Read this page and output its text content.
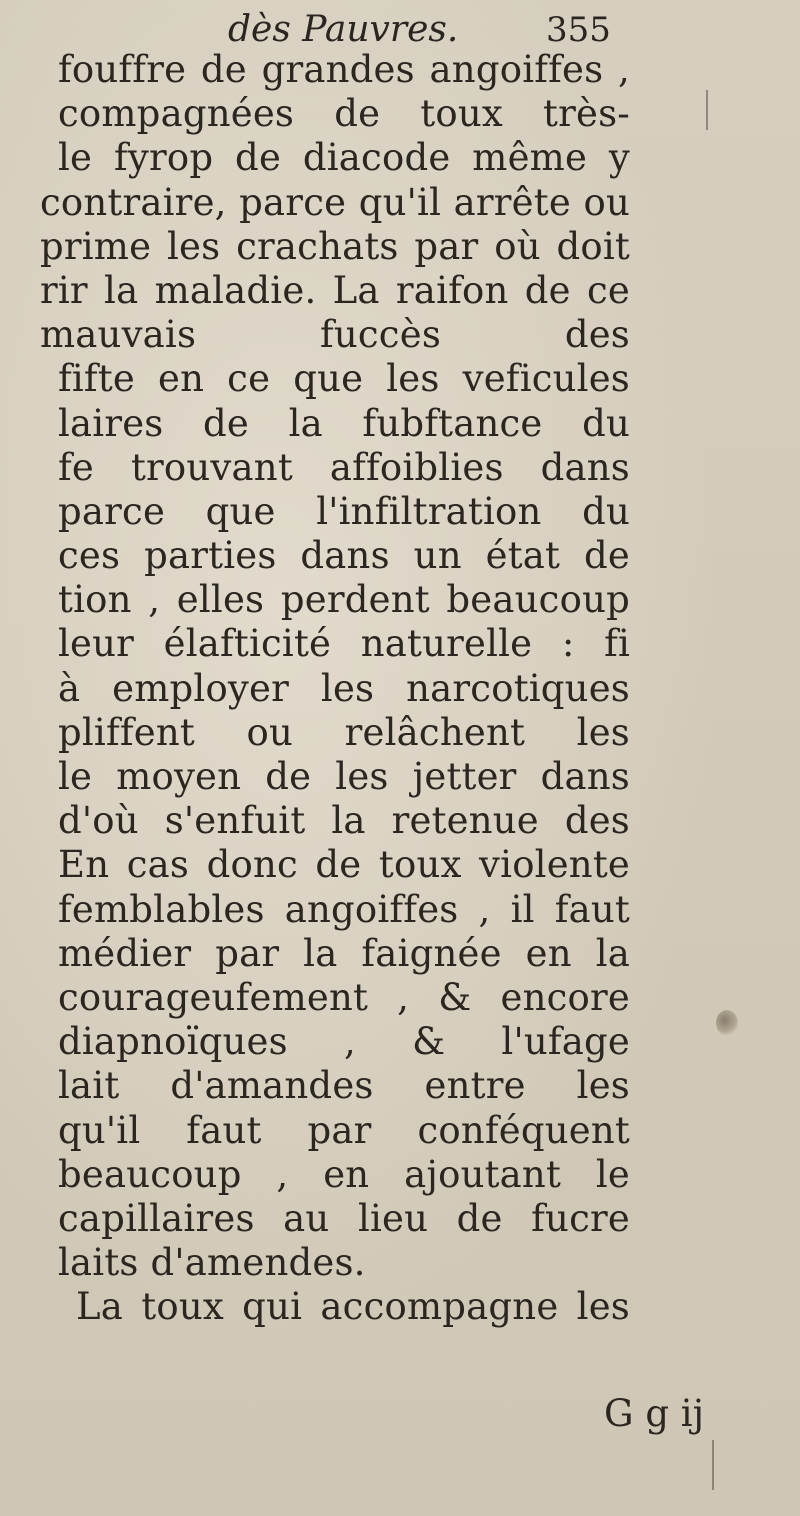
dès Pauvres.	355
fouffre de grandes angoiffes ,
compagnées de toux très-
le fyrop de diacode même y
contraire, parce qu'il arrête ou
prime les crachats par où doit
rir la maladie. La raifon de ce
mauvais fuccès des
fifte en ce que les veficules
laires de la fubftance du
fe trouvant affoiblies dans
parce que l'infiltration du
ces parties dans un état de
tion , elles perdent beaucoup
leur élafticité naturelle : fi
à employer les narcotiques
pliffent ou relâchent les
le moyen de les jetter dans
d'où s'enfuit la retenue des
En cas donc de toux violente
femblables angoiffes , il faut
médier par la faignée en la
courageufement , & encore
diapnoïques , & l'ufage
lait d'amandes entre les
qu'il faut par conféquent
beaucoup , en ajoutant le
capillaires au lieu de fucre
laits d'amendes.
La toux qui accompagne les
G g ij
